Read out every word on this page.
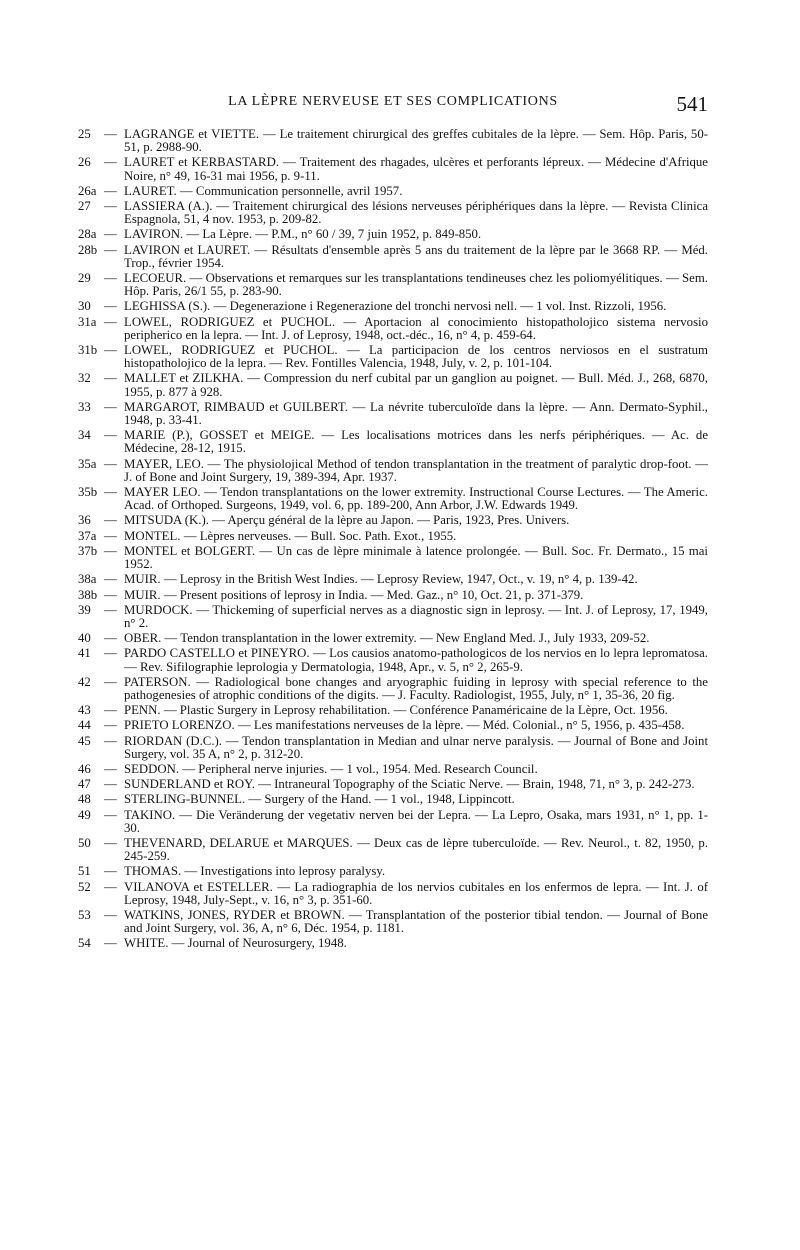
LA LÈPRE NERVEUSE ET SES COMPLICATIONS	541
25	— LAGRANGE et VIETTE. — Le traitement chirurgical des greffes cubitales de la lèpre. — Sem. Hôp. Paris, 50-51, p. 2988-90.
26	— LAURET et KERBASTARD. — Traitement des rhagades, ulcères et perforants lépreux. — Médecine d'Afrique Noire, n° 49, 16-31 mai 1956, p. 9-11.
26a — LAURET. — Communication personnelle, avril 1957.
27	— LASSIERA (A.). — Traitement chirurgical des lésions nerveuses périphériques dans la lèpre. — Revista Clinica Espagnola, 51, 4 nov. 1953, p. 209-82.
28a — LAVIRON. — La Lèpre. — P.M., n° 60 / 39, 7 juin 1952, p. 849-850.
28b — LAVIRON et LAURET. — Résultats d'ensemble après 5 ans du traitement de la lèpre par le 3668 RP. — Méd. Trop., février 1954.
29	— LECOEUR. — Observations et remarques sur les transplantations tendineuses chez les poliomyélitiques. — Sem. Hôp. Paris, 26/1 55, p. 283-90.
30	— LEGHISSA (S.). — Degenerazione i Regenerazione del tronchi nervosi nell. — 1 vol. Inst. Rizzoli, 1956.
31a — LOWEL, RODRIGUEZ et PUCHOL. — Aportacion al conocimiento histopatholojico sistema nervosio peripherico en la lepra. — Int. J. of Leprosy, 1948, oct.-déc., 16, n° 4, p. 459-64.
31b — LOWEL, RODRIGUEZ et PUCHOL. — La participacion de los centros nerviosos en el sustratum histopatholojico de la lepra. — Rev. Fontilles Valencia, 1948, July, v. 2, p. 101-104.
32	— MALLET et ZILKHA. — Compression du nerf cubital par un ganglion au poignet. — Bull. Méd. J., 268, 6870, 1955, p. 877 à 928.
33	— MARGAROT, RIMBAUD et GUILBERT. — La névrite tuberculoïde dans la lèpre. — Ann. Dermato-Syphil., 1948, p. 33-41.
34	— MARIE (P.), GOSSET et MEIGE. — Les localisations motrices dans les nerfs périphériques. — Ac. de Médecine, 28-12, 1915.
35a — MAYER, LEO. — The physiolojical Method of tendon transplantation in the treatment of paralytic drop-foot. — J. of Bone and Joint Surgery, 19, 389-394, Apr. 1937.
35b — MAYER LEO. — Tendon transplantations on the lower extremity. Instructional Course Lectures. — The Americ. Acad. of Orthoped. Surgeons, 1949, vol. 6, pp. 189-200, Ann Arbor, J.W. Edwards 1949.
36	— MITSUDA (K.). — Aperçu général de la lèpre au Japon. — Paris, 1923, Pres. Univers.
37a — MONTEL. — Lèpres nerveuses. — Bull. Soc. Path. Exot., 1955.
37b — MONTEL et BOLGERT. — Un cas de lèpre minimale à latence prolongée. — Bull. Soc. Fr. Dermato., 15 mai 1952.
38a — MUIR. — Leprosy in the British West Indies. — Leprosy Review, 1947, Oct., v. 19, n° 4, p. 139-42.
38b — MUIR. — Present positions of leprosy in India. — Med. Gaz., n° 10, Oct. 21, p. 371-379.
39	— MURDOCK. — Thickeming of superficial nerves as a diagnostic sign in leprosy. — Int. J. of Leprosy, 17, 1949, n° 2.
40	— OBER. — Tendon transplantation in the lower extremity. — New England Med. J., July 1933, 209-52.
41	— PARDO CASTELLO et PINEYRO. — Los causios anatomo-pathologicos de los nervios en lo lepra lepromatosa. — Rev. Sifilographie leprologia y Dermatologia, 1948, Apr., v. 5, n° 2, 265-9.
42	— PATERSON. — Radiological bone changes and aryographic fuiding in leprosy with special reference to the pathogenesies of atrophic conditions of the digits. — J. Faculty. Radiologist, 1955, July, n° 1, 35-36, 20 fig.
43	— PENN. — Plastic Surgery in Leprosy rehabilitation. — Conférence Panaméricaine de la Lèpre, Oct. 1956.
44	— PRIETO LORENZO. — Les manifestations nerveuses de la lèpre. — Méd. Colonial., n° 5, 1956, p. 435-458.
45	— RIORDAN (D.C.). — Tendon transplantation in Median and ulnar nerve paralysis. — Journal of Bone and Joint Surgery, vol. 35 A, n° 2, p. 312-20.
46	— SEDDON. — Peripheral nerve injuries. — 1 vol., 1954. Med. Research Council.
47	— SUNDERLAND et ROY. — Intraneural Topography of the Sciatic Nerve. — Brain, 1948, 71, n° 3, p. 242-273.
48	— STERLING-BUNNEL. — Surgery of the Hand. — 1 vol., 1948, Lippincott.
49	— TAKINO. — Die Veränderung der vegetativ nerven bei der Lepra. — La Lepro, Osaka, mars 1931, n° 1, pp. 1-30.
50	— THEVENARD, DELARUE et MARQUES. — Deux cas de lèpre tuberculoïde. — Rev. Neurol., t. 82, 1950, p. 245-259.
51	— THOMAS. — Investigations into leprosy paralysy.
52	— VILANOVA et ESTELLER. — La radiographia de los nervios cubitales en los enfermos de lepra. — Int. J. of Leprosy, 1948, July-Sept., v. 16, n° 3, p. 351-60.
53	— WATKINS, JONES, RYDER et BROWN. — Transplantation of the posterior tibial tendon. — Journal of Bone and Joint Surgery, vol. 36, A, n° 6, Déc. 1954, p. 1181.
54	— WHITE. — Journal of Neurosurgery, 1948.
